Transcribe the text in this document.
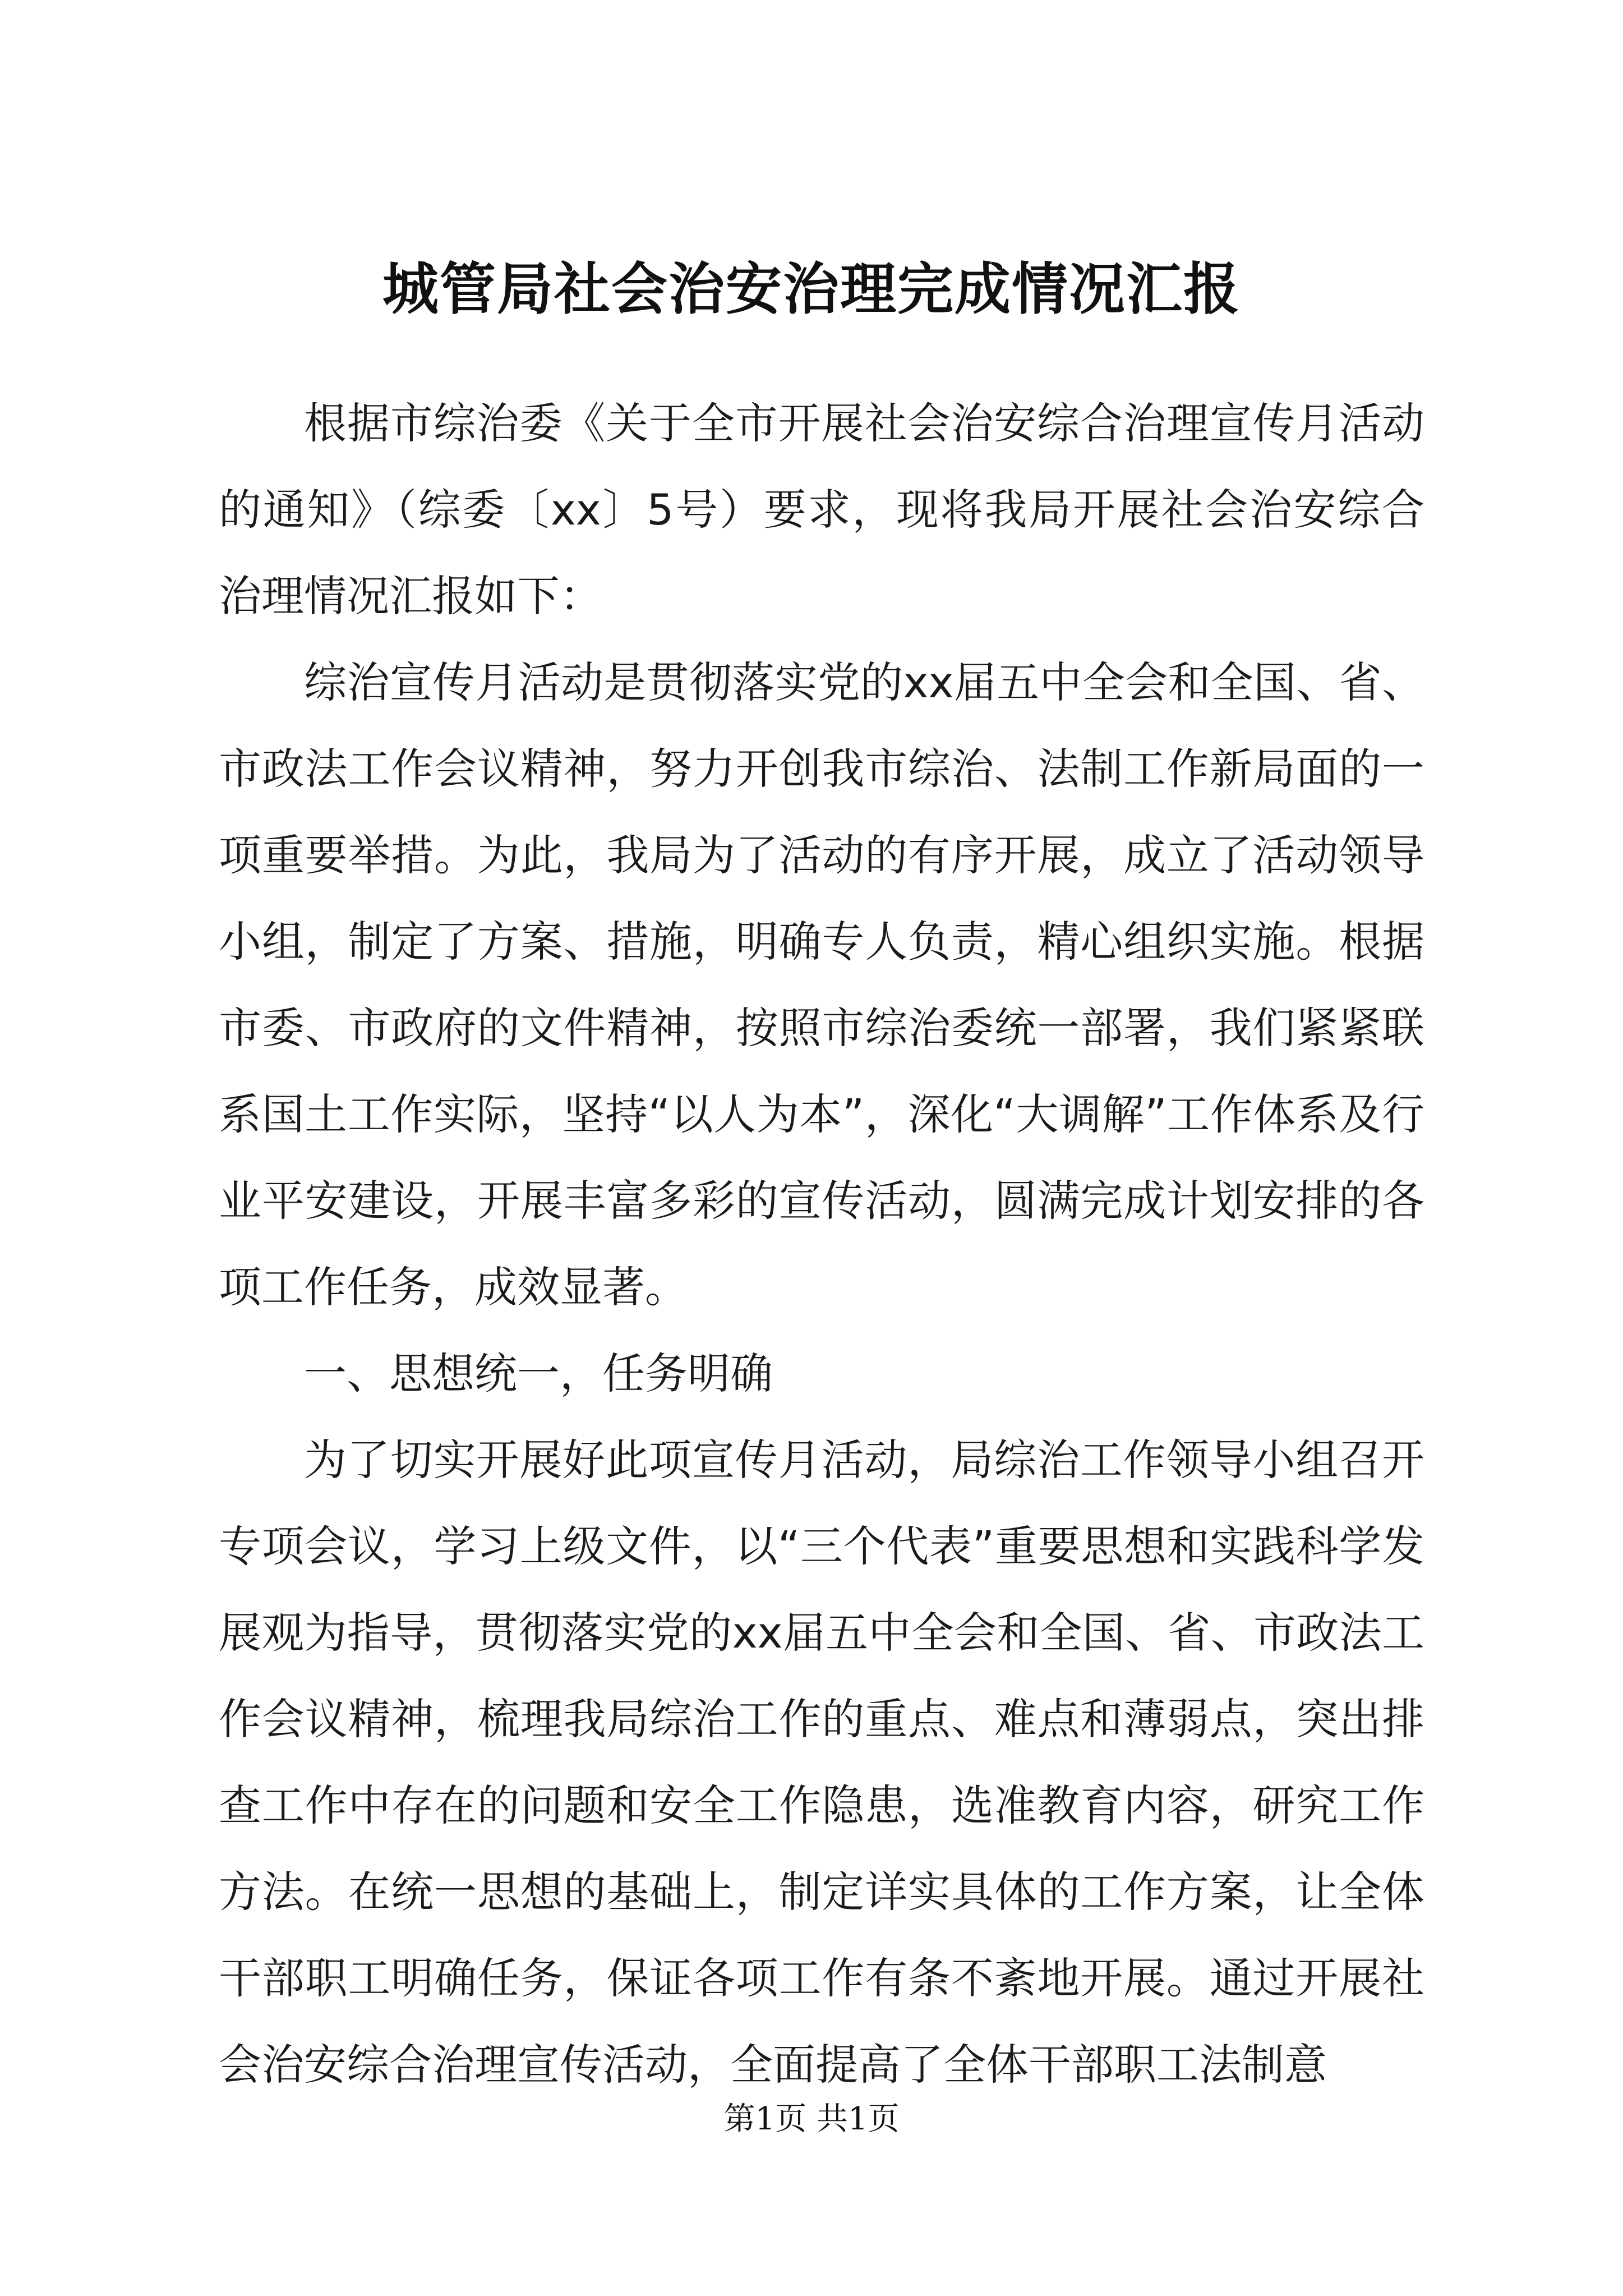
城管局社会治安治理完成情况汇报

根据市综治委《关于全市开展社会治安综合治理宣传月活动的通知》（综委〔xx〕5号）要求，现将我局开展社会治安综合治理情况汇报如下：

综治宣传月活动是贯彻落实党的xx届五中全会和全国、省、市政法工作会议精神，努力开创我市综治、法制工作新局面的一项重要举措。为此，我局为了活动的有序开展，成立了活动领导小组，制定了方案、措施，明确专人负责，精心组织实施。根据市委、市政府的文件精神，按照市综治委统一部署，我们紧紧联系国土工作实际，坚持“以人为本”，深化“大调解”工作体系及行业平安建设，开展丰富多彩的宣传活动，圆满完成计划安排的各项工作任务，成效显著。

一、思想统一，任务明确

为了切实开展好此项宣传月活动，局综治工作领导小组召开专项会议，学习上级文件，以“三个代表”重要思想和实践科学发展观为指导，贯彻落实党的xx届五中全会和全国、省、市政法工作会议精神，梳理我局综治工作的重点、难点和薄弱点，突出排查工作中存在的问题和安全工作隐患，选准教育内容，研究工作方法。在统一思想的基础上，制定详实具体的工作方案，让全体干部职工明确任务，保证各项工作有条不紊地开展。通过开展社会治安综合治理宣传活动，全面提高了全体干部职工法制意

第1页 共1页
